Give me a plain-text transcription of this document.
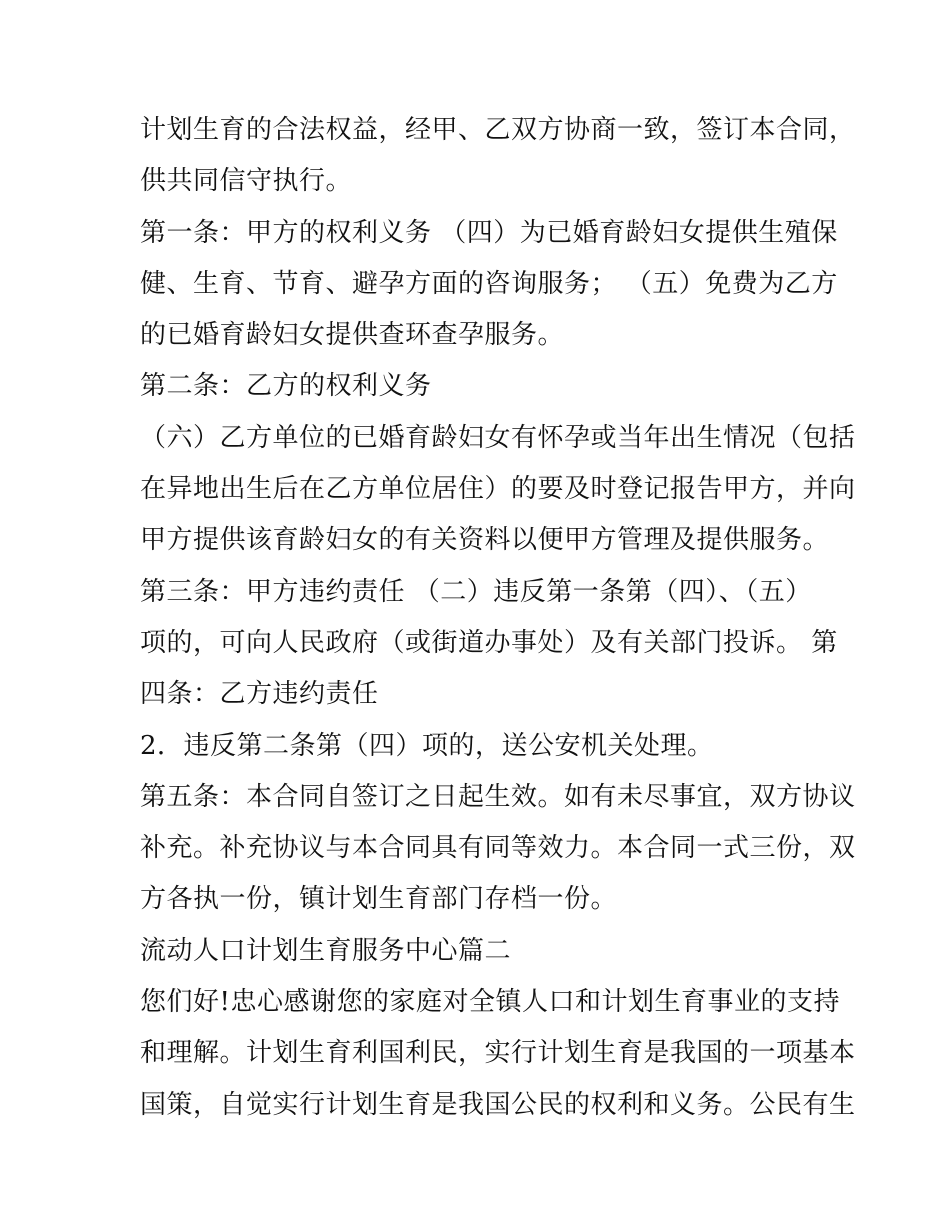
计划生育的合法权益，经甲、乙双方协商一致，签订本合同，
供共同信守执行。
第一条：甲方的权利义务 （四）为已婚育龄妇女提供生殖保
健、生育、节育、避孕方面的咨询服务； （五）免费为乙方
的已婚育龄妇女提供查环查孕服务。
第二条：乙方的权利义务
（六）乙方单位的已婚育龄妇女有怀孕或当年出生情况（包括
在异地出生后在乙方单位居住）的要及时登记报告甲方，并向
甲方提供该育龄妇女的有关资料以便甲方管理及提供服务。
第三条：甲方违约责任 （二）违反第一条第（四）、（五）
项的，可向人民政府（或街道办事处）及有关部门投诉。 第
四条：乙方违约责任
2．违反第二条第（四）项的，送公安机关处理。
第五条：本合同自签订之日起生效。如有未尽事宜，双方协议
补充。补充协议与本合同具有同等效力。本合同一式三份，双
方各执一份，镇计划生育部门存档一份。
流动人口计划生育服务中心篇二
您们好!忠心感谢您的家庭对全镇人口和计划生育事业的支持
和理解。计划生育利国利民，实行计划生育是我国的一项基本
国策，自觉实行计划生育是我国公民的权利和义务。公民有生
